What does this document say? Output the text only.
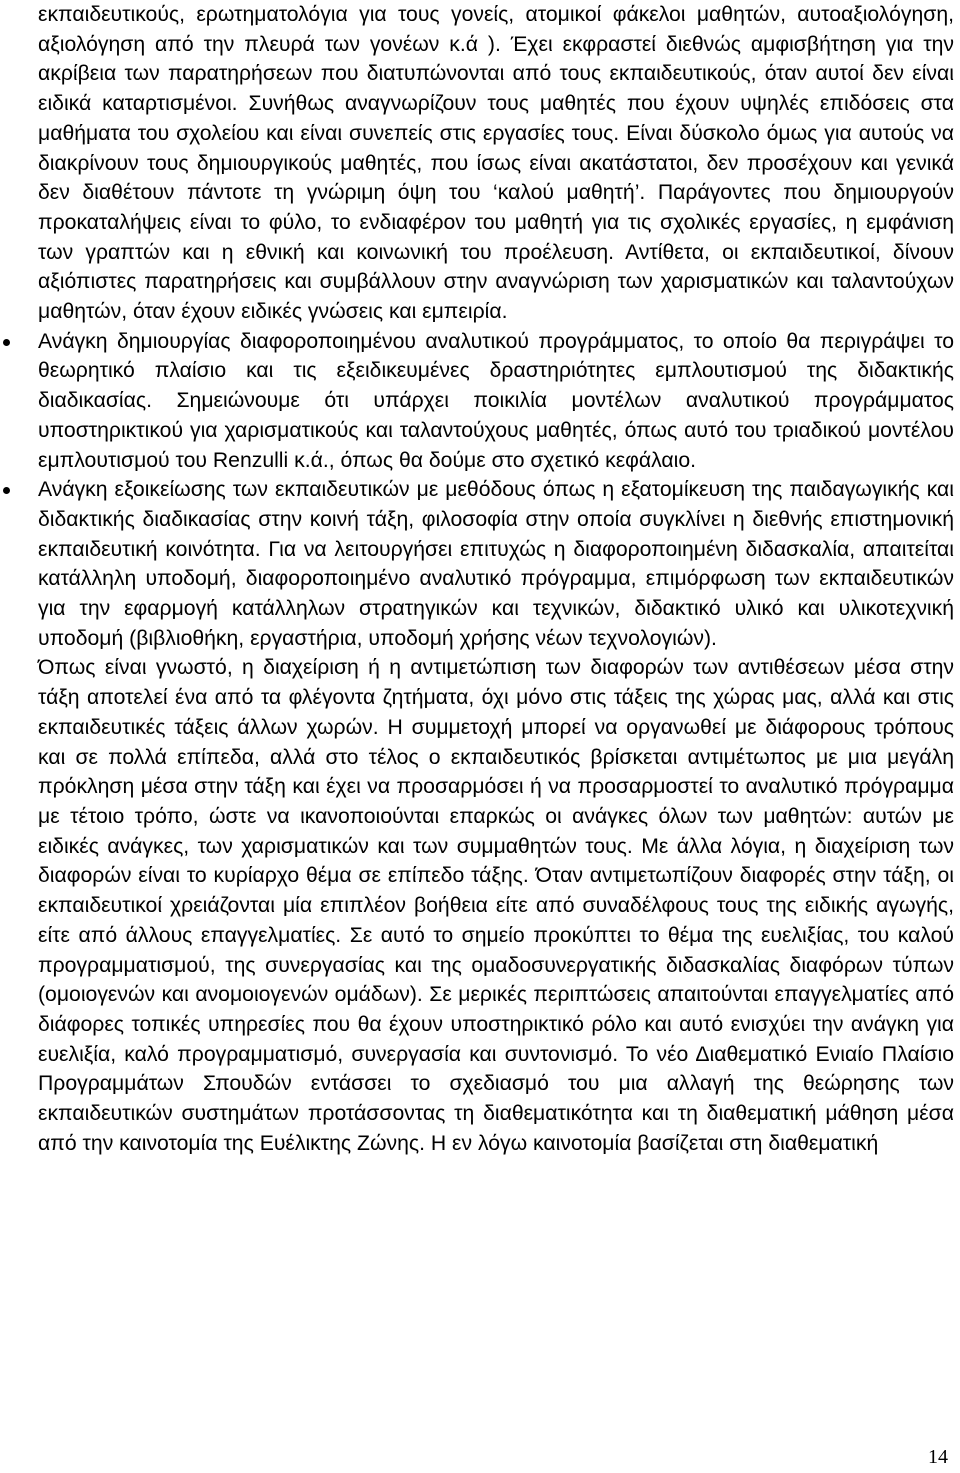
εκπαιδευτικούς, ερωτηματολόγια για τους γονείς, ατομικοί φάκελοι μαθητών, αυτοαξιολόγηση, αξιολόγηση από την πλευρά των γονέων κ.ά ). Έχει εκφραστεί διεθνώς αμφισβήτηση για την ακρίβεια των παρατηρήσεων που διατυπώνονται από τους εκπαιδευτικούς, όταν αυτοί δεν είναι ειδικά καταρτισμένοι. Συνήθως αναγνωρίζουν τους μαθητές που έχουν υψηλές επιδόσεις στα μαθήματα του σχολείου και είναι συνεπείς στις εργασίες τους. Είναι δύσκολο όμως για αυτούς να διακρίνουν τους δημιουργικούς μαθητές, που ίσως είναι ακατάστατοι, δεν προσέχουν και γενικά δεν διαθέτουν πάντοτε τη γνώριμη όψη του ‘καλού μαθητή’. Παράγοντες που δημιουργούν προκαταλήψεις είναι το φύλο, το ενδιαφέρον του μαθητή για τις σχολικές εργασίες, η εμφάνιση των γραπτών και η εθνική και κοινωνική του προέλευση. Αντίθετα, οι εκπαιδευτικοί, δίνουν αξιόπιστες παρατηρήσεις και συμβάλλουν στην αναγνώριση των χαρισματικών και ταλαντούχων μαθητών, όταν έχουν ειδικές γνώσεις και εμπειρία.

Ανάγκη δημιουργίας διαφοροποιημένου αναλυτικού προγράμματος, το οποίο θα περιγράψει το θεωρητικό πλαίσιο και τις εξειδικευμένες δραστηριότητες εμπλουτισμού της διδακτικής διαδικασίας. Σημειώνουμε ότι υπάρχει ποικιλία μοντέλων αναλυτικού προγράμματος υποστηρικτικού για χαρισματικούς και ταλαντούχους μαθητές, όπως αυτό του τριαδικού μοντέλου εμπλουτισμού του Renzulli κ.ά., όπως θα δούμε στο σχετικό κεφάλαιο.

Ανάγκη εξοικείωσης των εκπαιδευτικών με μεθόδους όπως η εξατομίκευση της παιδαγωγικής και διδακτικής διαδικασίας στην κοινή τάξη, φιλοσοφία στην οποία συγκλίνει η διεθνής επιστημονική εκπαιδευτική κοινότητα. Για να λειτουργήσει επιτυχώς η διαφοροποιημένη διδασκαλία, απαιτείται κατάλληλη υποδομή, διαφοροποιημένο αναλυτικό πρόγραμμα, επιμόρφωση των εκπαιδευτικών για την εφαρμογή κατάλληλων στρατηγικών και τεχνικών, διδακτικό υλικό και υλικοτεχνική υποδομή (βιβλιοθήκη, εργαστήρια, υποδομή χρήσης νέων τεχνολογιών).

Όπως είναι γνωστό, η διαχείριση ή η αντιμετώπιση των διαφορών των αντιθέσεων μέσα στην τάξη αποτελεί ένα από τα φλέγοντα ζητήματα, όχι μόνο στις τάξεις της χώρας μας, αλλά και στις εκπαιδευτικές τάξεις άλλων χωρών. Η συμμετοχή μπορεί να οργανωθεί με διάφορους τρόπους και σε πολλά επίπεδα, αλλά στο τέλος ο εκπαιδευτικός βρίσκεται αντιμέτωπος με μια μεγάλη πρόκληση μέσα στην τάξη και έχει να προσαρμόσει ή να προσαρμοστεί το αναλυτικό πρόγραμμα με τέτοιο τρόπο, ώστε να ικανοποιούνται επαρκώς οι ανάγκες όλων των μαθητών: αυτών με ειδικές ανάγκες, των χαρισματικών και των συμμαθητών τους. Με άλλα λόγια, η διαχείριση των διαφορών είναι το κυρίαρχο θέμα σε επίπεδο τάξης. Όταν αντιμετωπίζουν διαφορές στην τάξη, οι εκπαιδευτικοί χρειάζονται μία επιπλέον βοήθεια είτε από συναδέλφους τους της ειδικής αγωγής, είτε από άλλους επαγγελματίες. Σε αυτό το σημείο προκύπτει το θέμα της ευελιξίας, του καλού προγραμματισμού, της συνεργασίας και της ομαδοσυνεργατικής διδασκαλίας διαφόρων τύπων (ομοιογενών και ανομοιογενών ομάδων). Σε μερικές περιπτώσεις απαιτούνται επαγγελματίες από διάφορες τοπικές υπηρεσίες που θα έχουν υποστηρικτικό ρόλο και αυτό ενισχύει την ανάγκη για ευελιξία, καλό προγραμματισμό, συνεργασία και συντονισμό. Το νέο Διαθεματικό Ενιαίο Πλαίσιο Προγραμμάτων Σπουδών εντάσσει το σχεδιασμό του μια αλλαγή της θεώρησης των εκπαιδευτικών συστημάτων προτάσσοντας τη διαθεματικότητα και τη διαθεματική μάθηση μέσα από την καινοτομία της Ευέλικτης Ζώνης. Η εν λόγω καινοτομία βασίζεται στη διαθεματική

14
